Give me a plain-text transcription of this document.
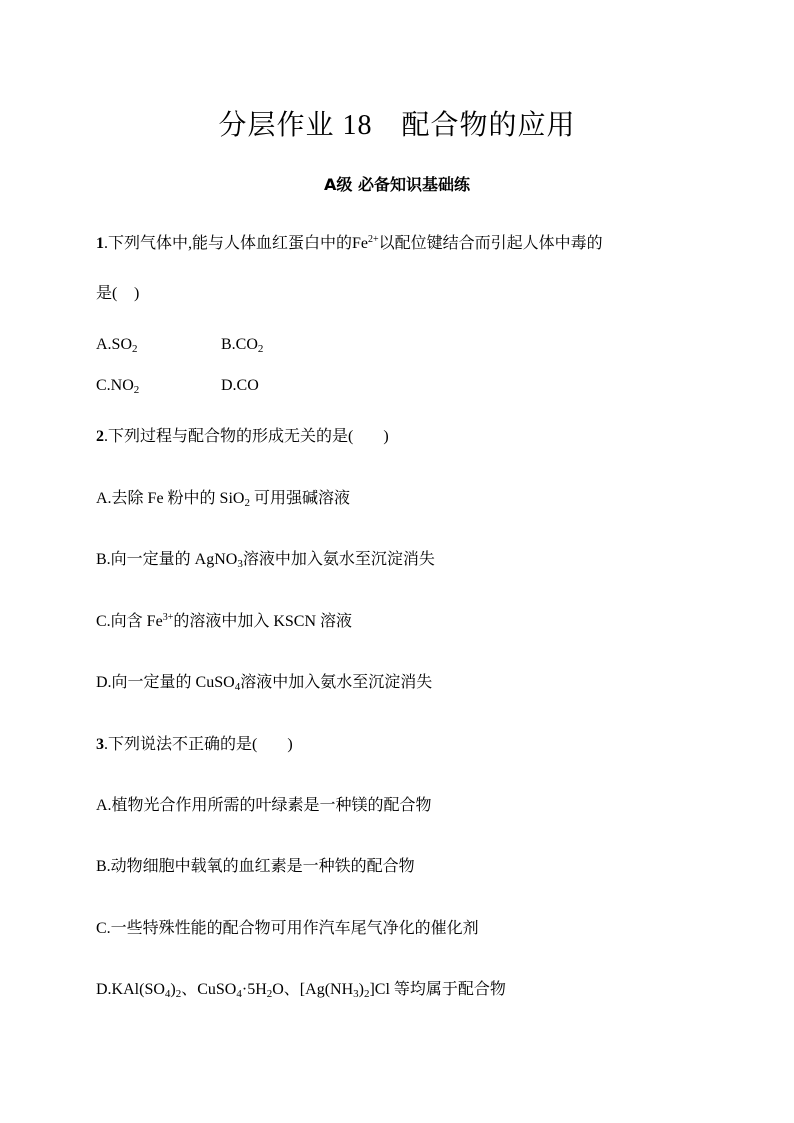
分层作业 18　配合物的应用
A级 必备知识基础练
1.下列气体中,能与人体血红蛋白中的$Fe^{2+}$以配位键结合而引起人体中毒的
是( )
$A.SO_2$	$B.CO_2$
$C.NO_2$	D.CO
2.下列过程与配合物的形成无关的是( )
A.去除 Fe 粉中的 SiO$_2$ 可用强碱溶液
B.向一定量的 AgNO$_3$溶液中加入氨水至沉淀消失
C.向含 $Fe^{3+}$的溶液中加入 KSCN 溶液
D.向一定量的 CuSO$_4$溶液中加入氨水至沉淀消失
3.下列说法不正确的是( )
A.植物光合作用所需的叶绿素是一种镁的配合物
B.动物细胞中载氧的血红素是一种铁的配合物
C.一些特殊性能的配合物可用作汽车尾气净化的催化剂
$D.KAl(SO_4)_2$、$CuSO_4\cdot 5H_2O$、$[Ag(NH_3)_2]Cl$ 等均属于配合物
